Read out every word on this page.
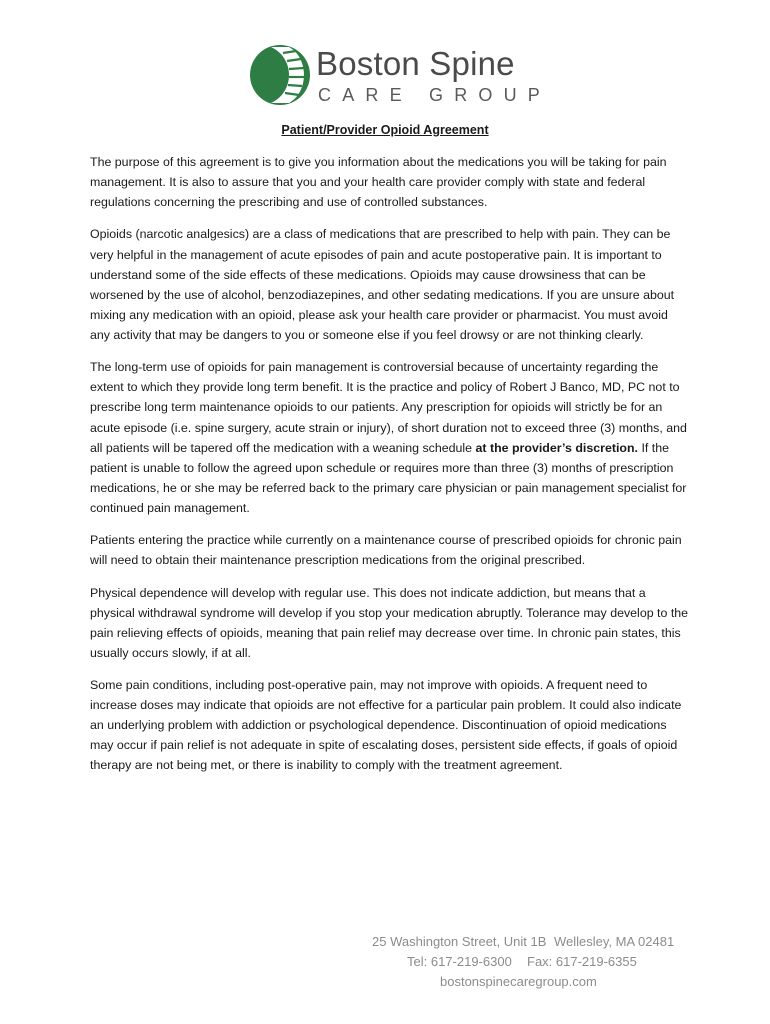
Boston Spine
CARE GROUP
Patient/Provider Opioid Agreement

The purpose of this agreement is to give you information about the medications you will be taking for pain management. It is also to assure that you and your health care provider comply with state and federal regulations concerning the prescribing and use of controlled substances.

Opioids (narcotic analgesics) are a class of medications that are prescribed to help with pain. They can be very helpful in the management of acute episodes of pain and acute postoperative pain. It is important to understand some of the side effects of these medications. Opioids may cause drowsiness that can be worsened by the use of alcohol, benzodiazepines, and other sedating medications. If you are unsure about mixing any medication with an opioid, please ask your health care provider or pharmacist. You must avoid any activity that may be dangers to you or someone else if you feel drowsy or are not thinking clearly.

The long-term use of opioids for pain management is controversial because of uncertainty regarding the extent to which they provide long term benefit. It is the practice and policy of Robert J Banco, MD, PC not to prescribe long term maintenance opioids to our patients. Any prescription for opioids will strictly be for an acute episode (i.e. spine surgery, acute strain or injury), of short duration not to exceed three (3) months, and all patients will be tapered off the medication with a weaning schedule at the provider’s discretion. If the patient is unable to follow the agreed upon schedule or requires more than three (3) months of prescription medications, he or she may be referred back to the primary care physician or pain management specialist for continued pain management.

Patients entering the practice while currently on a maintenance course of prescribed opioids for chronic pain will need to obtain their maintenance prescription medications from the original prescribed.

Physical dependence will develop with regular use. This does not indicate addiction, but means that a physical withdrawal syndrome will develop if you stop your medication abruptly. Tolerance may develop to the pain relieving effects of opioids, meaning that pain relief may decrease over time. In chronic pain states, this usually occurs slowly, if at all.

Some pain conditions, including post-operative pain, may not improve with opioids. A frequent need to increase doses may indicate that opioids are not effective for a particular pain problem. It could also indicate an underlying problem with addiction or psychological dependence. Discontinuation of opioid medications may occur if pain relief is not adequate in spite of escalating doses, persistent side effects, if goals of opioid therapy are not being met, or there is inability to comply with the treatment agreement.

25 Washington Street, Unit 1B Wellesley, MA 02481
Tel: 617-219-6300 Fax: 617-219-6355
bostonspinecaregroup.com
